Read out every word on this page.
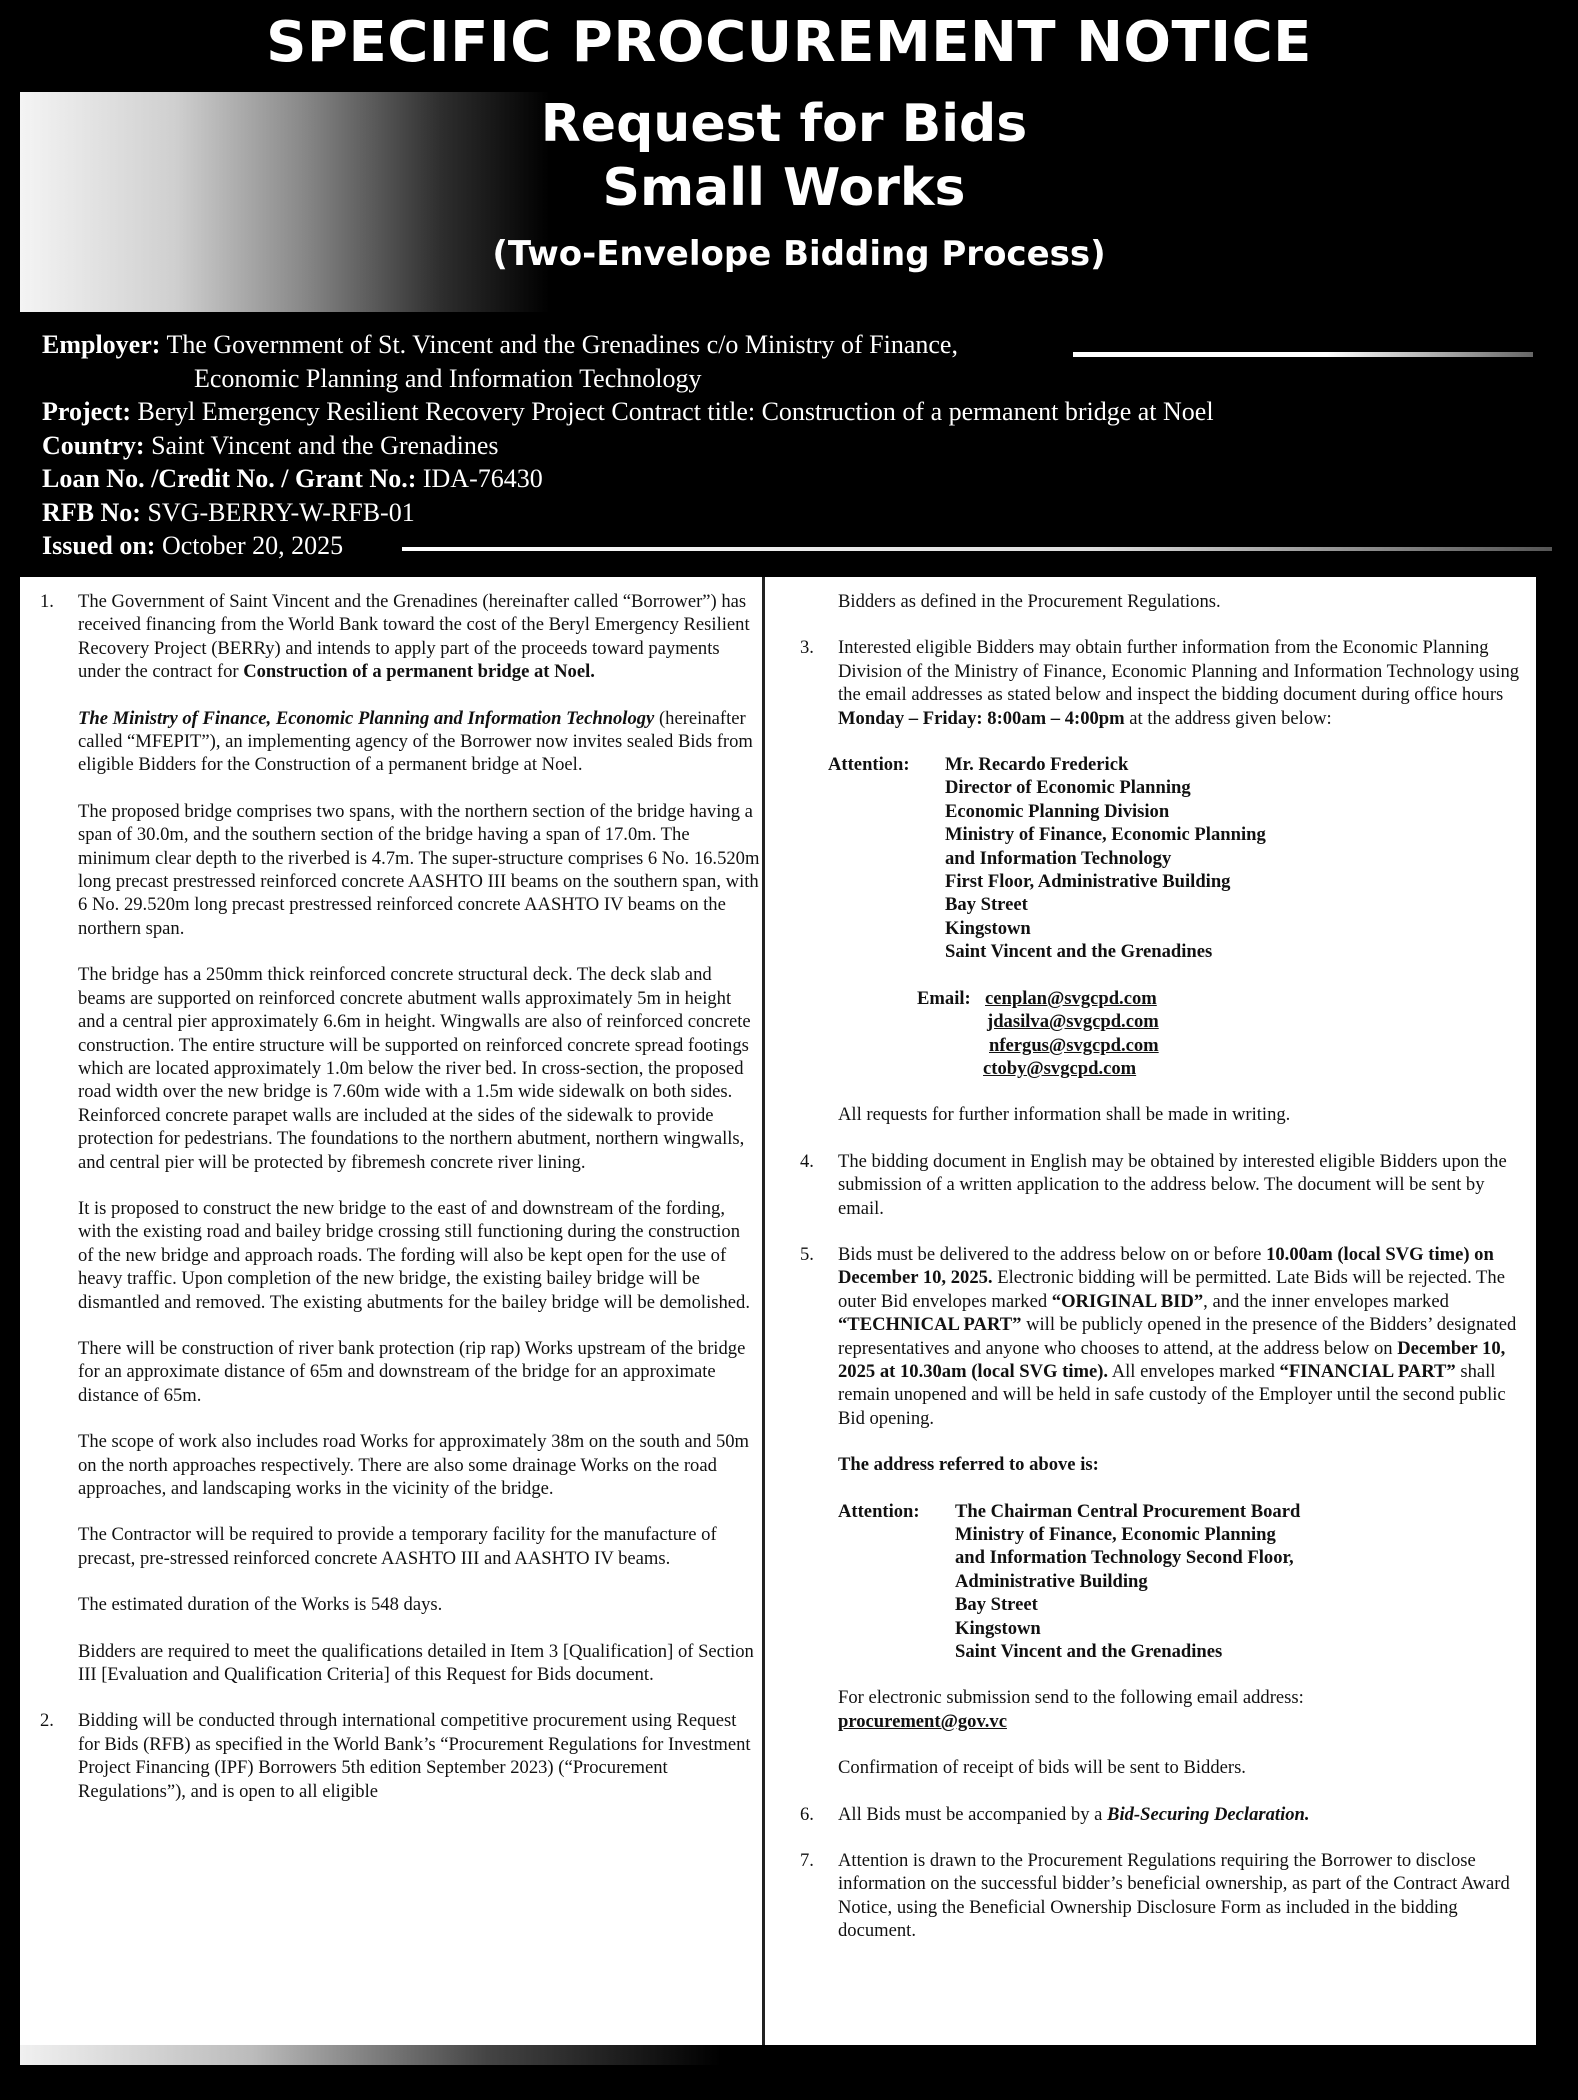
SPECIFIC PROCUREMENT NOTICE
Request for Bids
Small Works
(Two-Envelope Bidding Process)
Employer: The Government of St. Vincent and the Grenadines c/o Ministry of Finance,
Economic Planning and Information Technology
Project: Beryl Emergency Resilient Recovery Project Contract title: Construction of a permanent bridge at Noel
Country: Saint Vincent and the Grenadines
Loan No. /Credit No. / Grant No.: IDA-76430
RFB No: SVG-BERRY-W-RFB-01
Issued on: October 20, 2025
1. The Government of Saint Vincent and the Grenadines (hereinafter called “Borrower”) has received financing from the World Bank toward the cost of the Beryl Emergency Resilient Recovery Project (BERRy) and intends to apply part of the proceeds toward payments under the contract for Construction of a permanent bridge at Noel.
The Ministry of Finance, Economic Planning and Information Technology (hereinafter called “MFEPIT”), an implementing agency of the Borrower now invites sealed Bids from eligible Bidders for the Construction of a permanent bridge at Noel.
The proposed bridge comprises two spans, with the northern section of the bridge having a span of 30.0m, and the southern section of the bridge having a span of 17.0m. The minimum clear depth to the riverbed is 4.7m. The super-structure comprises 6 No. 16.520m long precast prestressed reinforced concrete AASHTO III beams on the southern span, with 6 No. 29.520m long precast prestressed reinforced concrete AASHTO IV beams on the northern span.
The bridge has a 250mm thick reinforced concrete structural deck. The deck slab and beams are supported on reinforced concrete abutment walls approximately 5m in height and a central pier approximately 6.6m in height. Wingwalls are also of reinforced concrete construction. The entire structure will be supported on reinforced concrete spread footings which are located approximately 1.0m below the river bed. In cross-section, the proposed road width over the new bridge is 7.60m wide with a 1.5m wide sidewalk on both sides. Reinforced concrete parapet walls are included at the sides of the sidewalk to provide protection for pedestrians. The foundations to the northern abutment, northern wingwalls, and central pier will be protected by fibremesh concrete river lining.
It is proposed to construct the new bridge to the east of and downstream of the fording, with the existing road and bailey bridge crossing still functioning during the construction of the new bridge and approach roads. The fording will also be kept open for the use of heavy traffic. Upon completion of the new bridge, the existing bailey bridge will be dismantled and removed. The existing abutments for the bailey bridge will be demolished.
There will be construction of river bank protection (rip rap) Works upstream of the bridge for an approximate distance of 65m and downstream of the bridge for an approximate distance of 65m.
The scope of work also includes road Works for approximately 38m on the south and 50m on the north approaches respectively. There are also some drainage Works on the road approaches, and landscaping works in the vicinity of the bridge.
The Contractor will be required to provide a temporary facility for the manufacture of precast, pre-stressed reinforced concrete AASHTO III and AASHTO IV beams.
The estimated duration of the Works is 548 days.
Bidders are required to meet the qualifications detailed in Item 3 [Qualification] of Section III [Evaluation and Qualification Criteria] of this Request for Bids document.
2. Bidding will be conducted through international competitive procurement using Request for Bids (RFB) as specified in the World Bank’s “Procurement Regulations for Investment Project Financing (IPF) Borrowers 5th edition September 2023) (“Procurement Regulations”), and is open to all eligible
Bidders as defined in the Procurement Regulations.
3. Interested eligible Bidders may obtain further information from the Economic Planning Division of the Ministry of Finance, Economic Planning and Information Technology using the email addresses as stated below and inspect the bidding document during office hours Monday – Friday: 8:00am – 4:00pm at the address given below:
Attention:	Mr. Recardo Frederick
Director of Economic Planning
Economic Planning Division
Ministry of Finance, Economic Planning
and Information Technology
First Floor, Administrative Building
Bay Street
Kingstown
Saint Vincent and the Grenadines
Email: cenplan@svgcpd.com
jdasilva@svgcpd.com
nfergus@svgcpd.com
ctoby@svgcpd.com
All requests for further information shall be made in writing.
4. The bidding document in English may be obtained by interested eligible Bidders upon the submission of a written application to the address below. The document will be sent by email.
5. Bids must be delivered to the address below on or before 10.00am (local SVG time) on December 10, 2025. Electronic bidding will be permitted. Late Bids will be rejected. The outer Bid envelopes marked “ORIGINAL BID”, and the inner envelopes marked “TECHNICAL PART” will be publicly opened in the presence of the Bidders’ designated representatives and anyone who chooses to attend, at the address below on December 10, 2025 at 10.30am (local SVG time). All envelopes marked “FINANCIAL PART” shall remain unopened and will be held in safe custody of the Employer until the second public Bid opening.
The address referred to above is:
Attention:	The Chairman Central Procurement Board
Ministry of Finance, Economic Planning
and Information Technology Second Floor,
Administrative Building
Bay Street
Kingstown
Saint Vincent and the Grenadines
For electronic submission send to the following email address:
procurement@gov.vc
Confirmation of receipt of bids will be sent to Bidders.
6. All Bids must be accompanied by a Bid-Securing Declaration.
7. Attention is drawn to the Procurement Regulations requiring the Borrower to disclose information on the successful bidder’s beneficial ownership, as part of the Contract Award Notice, using the Beneficial Ownership Disclosure Form as included in the bidding document.
